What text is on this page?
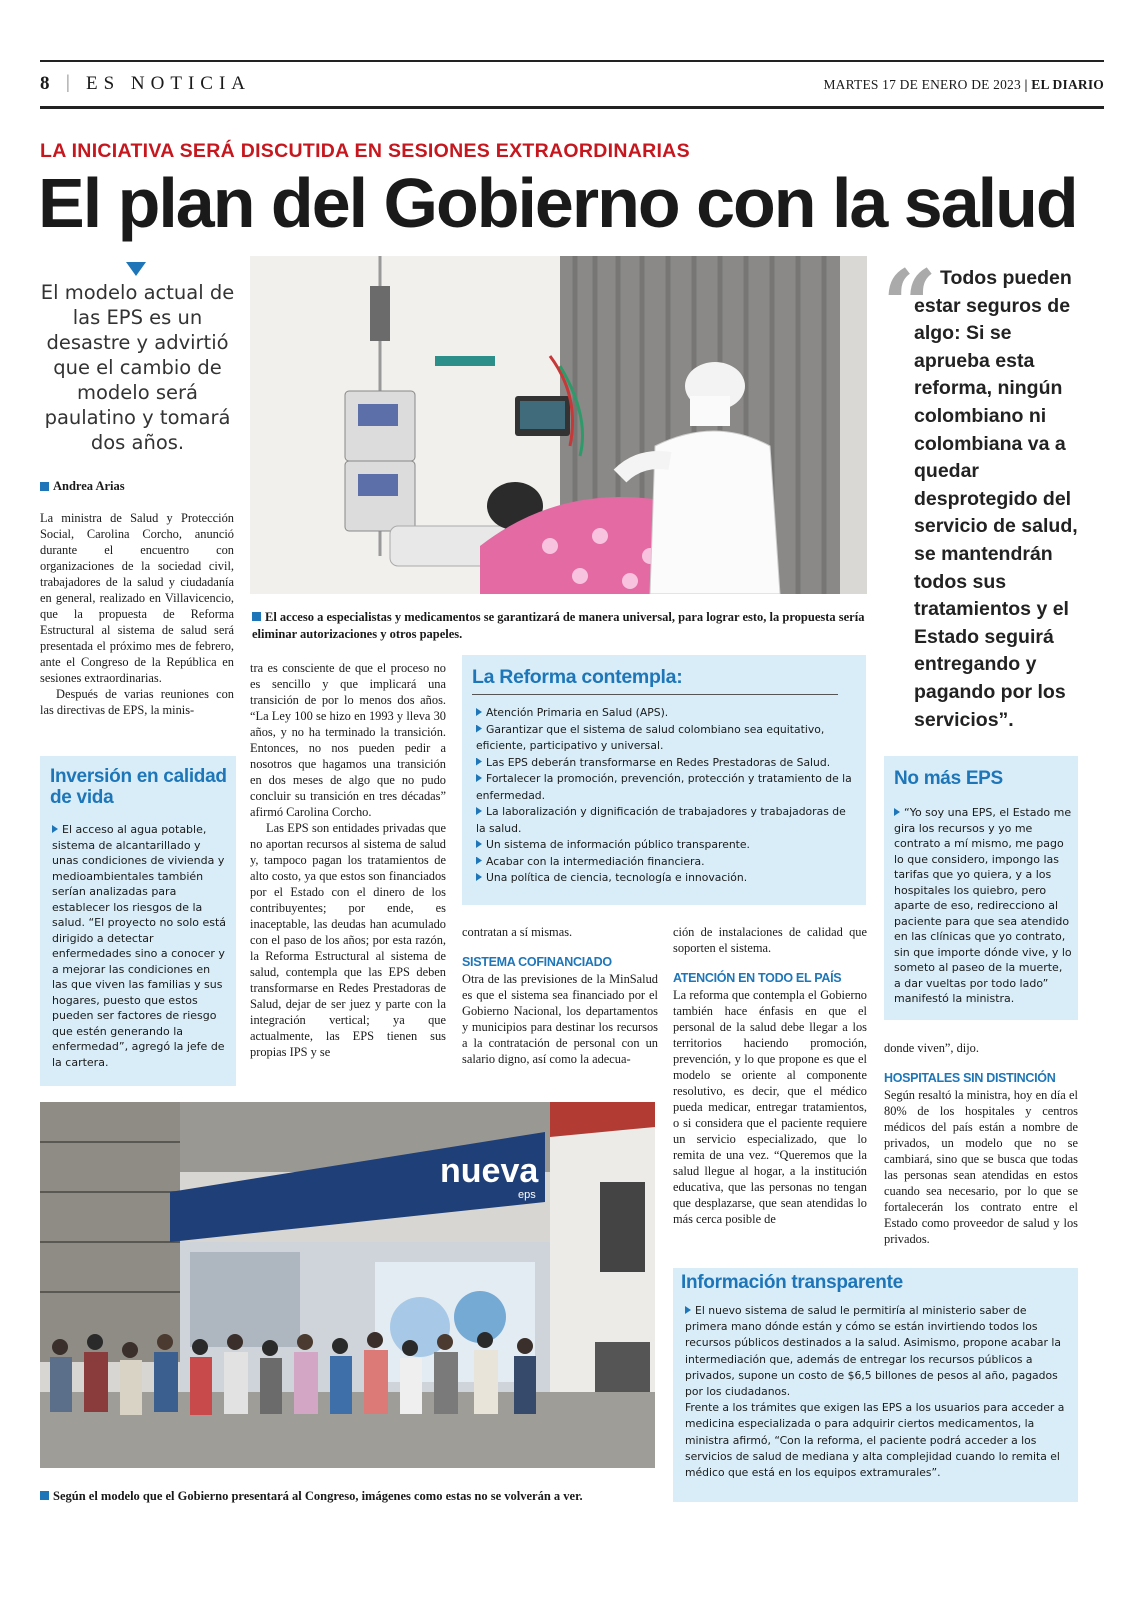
8 | ES NOTICIA	MARTES 17 DE ENERO DE 2023 | EL DIARIO
LA INICIATIVA SERÁ DISCUTIDA EN SESIONES EXTRAORDINARIAS
El plan del Gobierno con la salud
El modelo actual de las EPS es un desastre y advirtió que el cambio de modelo será paulatino y tomará dos años.
Andrea Arias

La ministra de Salud y Protección Social, Carolina Corcho, anunció durante el encuentro con organizaciones de la sociedad civil, trabajadores de la salud y ciudadanía en general, realizado en Villavicencio, que la propuesta de Reforma Estructural al sistema de salud será presentada el próximo mes de febrero, ante el Congreso de la República en sesiones extraordinarias.

Después de varias reuniones con las directivas de EPS, la minis-

Inversión en calidad de vida
El acceso al agua potable, sistema de alcantarillado y unas condiciones de vivienda y medioambientales también serían analizadas para establecer los riesgos de la salud. “El proyecto no solo está dirigido a detectar enfermedades sino a conocer y a mejorar las condiciones en las que viven las familias y sus hogares, puesto que estos pueden ser factores de riesgo que estén generando la enfermedad”, agregó la jefe de la cartera.
El acceso a especialistas y medicamentos se garantizará de manera universal, para lograr esto, la propuesta sería eliminar autorizaciones y otros papeles.
“ Todos pueden estar seguros de algo: Si se aprueba esta reforma, ningún colombiano ni colombiana va a quedar desprotegido del servicio de salud, se mantendrán todos sus tratamientos y el Estado seguirá entregando y pagando por los servicios”.

tra es consciente de que el proceso no es sencillo y que implicará una transición de por lo menos dos años. “La Ley 100 se hizo en 1993 y lleva 30 años, y no ha terminado la transición. Entonces, no nos pueden pedir a nosotros que hagamos una transición en dos meses de algo que no pudo concluir su transición en tres décadas” afirmó Carolina Corcho.

Las EPS son entidades privadas que no aportan recursos al sistema de salud y, tampoco pagan los tratamientos de alto costo, ya que estos son financiados por el Estado con el dinero de los contribuyentes; por ende, es inaceptable, las deudas han acumulado con el paso de los años; por esta razón, la Reforma Estructural al sistema de salud, contempla que las EPS deben transformarse en Redes Prestadoras de Salud, dejar de ser juez y parte con la integración vertical; ya que actualmente, las EPS tienen sus propias IPS y se

La Reforma contempla:
Atención Primaria en Salud (APS).
Garantizar que el sistema de salud colombiano sea equitativo, eficiente, participativo y universal.
Las EPS deberán transformarse en Redes Prestadoras de Salud.
Fortalecer la promoción, prevención, protección y tratamiento de la enfermedad.
La laboralización y dignificación de trabajadores y trabajadoras de la salud.
Un sistema de información público transparente.
Acabar con la intermediación financiera.
Una política de ciencia, tecnología e innovación.

contratan a sí mismas.

SISTEMA COFINANCIADO

Otra de las previsiones de la MinSalud es que el sistema sea financiado por el Gobierno Nacional, los departamentos y municipios para destinar los recursos a la contratación de personal con un salario digno, así como la adecua-

ción de instalaciones de calidad que soporten el sistema.

ATENCIÓN EN TODO EL PAÍS

La reforma que contempla el Gobierno también hace énfasis en que el personal de la salud debe llegar a los territorios haciendo promoción, prevención, y lo que propone es que el modelo se oriente al componente resolutivo, es decir, que el médico pueda medicar, entregar tratamientos, o si considera que el paciente requiere un servicio especializado, que lo remita de una vez. “Queremos que la salud llegue al hogar, a la institución educativa, que las personas no tengan que desplazarse, que sean atendidas lo más cerca posible de

No más EPS
“Yo soy una EPS, el Estado me gira los recursos y yo me contrato a mí mismo, me pago lo que considero, impongo las tarifas que yo quiera, y a los hospitales los quiebro, pero aparte de eso, redirecciono al paciente para que sea atendido en las clínicas que yo contrato, sin que importe dónde vive, y lo someto al paseo de la muerte, a dar vueltas por todo lado” manifestó la ministra.

donde viven”, dijo.

HOSPITALES SIN DISTINCIÓN

Según resaltó la ministra, hoy en día el 80% de los hospitales y centros médicos del país están a nombre de privados, un modelo que no se cambiará, sino que se busca que todas las personas sean atendidas en estos cuando sea necesario, por lo que se fortalecerán los contrato entre el Estado como proveedor de salud y los privados.

nueva
eps
Según el modelo que el Gobierno presentará al Congreso, imágenes como estas no se volverán a ver.
Información transparente

El nuevo sistema de salud le permitiría al ministerio saber de primera mano dónde están y cómo se están invirtiendo todos los recursos públicos destinados a la salud. Asimismo, propone acabar la intermediación que, además de entregar los recursos públicos a privados, supone un costo de $6,5 billones de pesos al año, pagados por los ciudadanos.

Frente a los trámites que exigen las EPS a los usuarios para acceder a medicina especializada o para adquirir ciertos medicamentos, la ministra afirmó, “Con la reforma, el paciente podrá acceder a los servicios de salud de mediana y alta complejidad cuando lo remita el médico que está en los equipos extramurales”.
